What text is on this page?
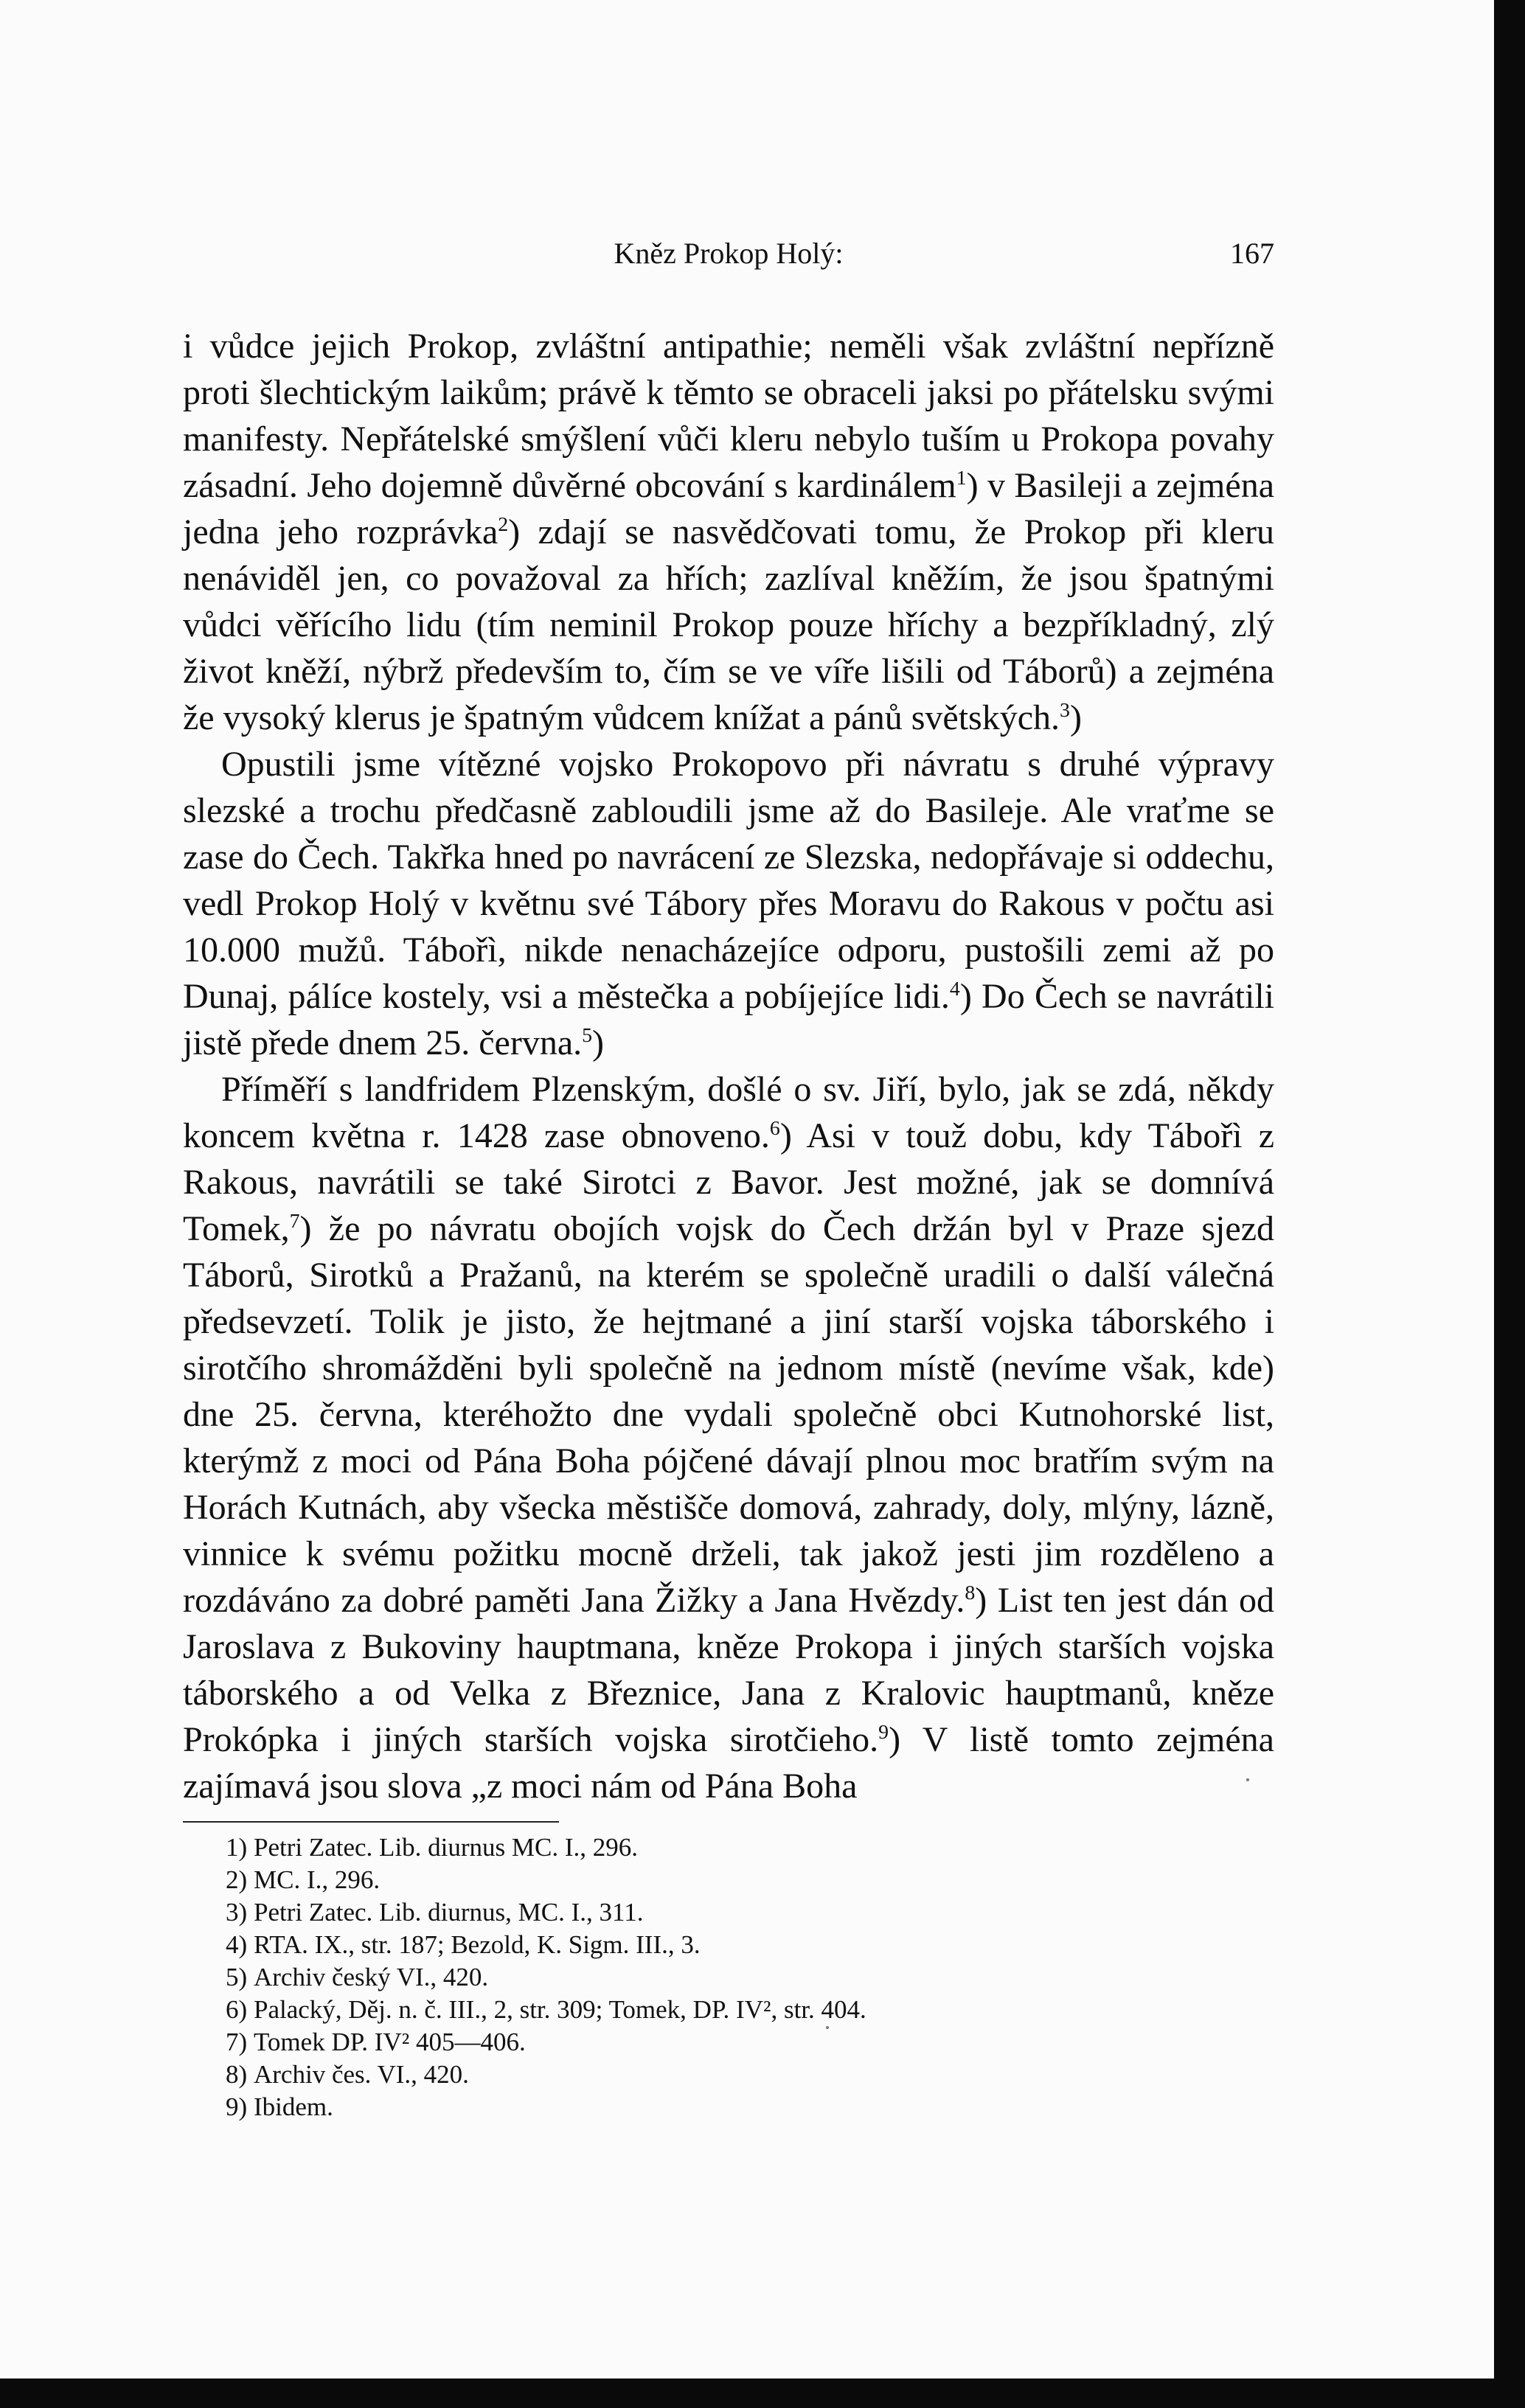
Kněz Prokop Holý:	167

i vůdce jejich Prokop, zvláštní antipathie; neměli však zvláštní nepřízně proti šlechtickým laikům; právě k těmto se obraceli jaksi po přátelsku svými manifesty. Nepřátelské smýšlení vůči kleru nebylo tuším u Prokopa povahy zásadní. Jeho dojemně důvěrné obcování s kardinálem$^1$) v Basileji a zejména jedna jeho rozprávka$^2$) zdají se nasvědčovati tomu, že Prokop při kleru nenáviděl jen, co považoval za hřích; zazlíval kněžím, že jsou špatnými vůdci věřícího lidu (tím neminil Prokop pouze hříchy a bezpříkladný, zlý život kněží, nýbrž především to, čím se ve víře lišili od Táborů) a zejména že vysoký klerus je špatným vůdcem knížat a pánů světských.$^3$)

Opustili jsme vítězné vojsko Prokopovo při návratu s druhé výpravy slezské a trochu předčasně zabloudili jsme až do Basileje. Ale vraťme se zase do Čech. Takřka hned po navrácení ze Slezska, nedopřávaje si oddechu, vedl Prokop Holý v květnu své Tábory přes Moravu do Rakous v počtu asi 10.000 mužů. Tábořì, nikde nenacházejíce odporu, pustošili zemi až po Dunaj, pálíce kostely, vsi a městečka a pobíjejíce lidi.$^4$) Do Čech se navrátili jistě přede dnem 25. června.$^5$)

Příměří s landfridem Plzenským, došlé o sv. Jiří, bylo, jak se zdá, někdy koncem května r. 1428 zase obnoveno.$^6$) Asi v touž dobu, kdy Tábořì z Rakous, navrátili se také Sirotci z Bavor. Jest možné, jak se domnívá Tomek,$^7$) že po návratu obojích vojsk do Čech držán byl v Praze sjezd Táborů, Sirotků a Pražanů, na kterém se společně uradili o další válečná předsevzetí. Tolik je jisto, že hejtmané a jiní starší vojska táborského i sirotčího shromážděni byli společně na jednom místě (nevíme však, kde) dne 25. června, kteréhožto dne vydali společně obci Kutnohorské list, kterýmž z moci od Pána Boha pójčené dávají plnou moc bratřím svým na Horách Kutnách, aby všecka městišče domová, zahrady, doly, mlýny, lázně, vinnice k svému požitku mocně drželi, tak jakož jesti jim rozděleno a rozdáváno za dobré paměti Jana Žižky a Jana Hvězdy.$^8$) List ten jest dán od Jaroslava z Bukoviny hauptmana, kněze Prokopa i jiných starších vojska táborského a od Velka z Březnice, Jana z Kralovic hauptmanů, kněze Prokópka i jiných starších vojska sirotčieho.$^9$) V listě tomto zejména zajímavá jsou slova „z moci nám od Pána Boha

1) Petri Zatec. Lib. diurnus MC. I., 296.
2) MC. I., 296.
3) Petri Zatec. Lib. diurnus, MC. I., 311.
4) RTA. IX., str. 187; Bezold, K. Sigm. III., 3.
5) Archiv český VI., 420.
6) Palacký, Děj. n. č. III., 2, str. 309; Tomek, DP. IV², str. 404.
7) Tomek DP. IV² 405—406.
8) Archiv čes. VI., 420.
9) Ibidem.
